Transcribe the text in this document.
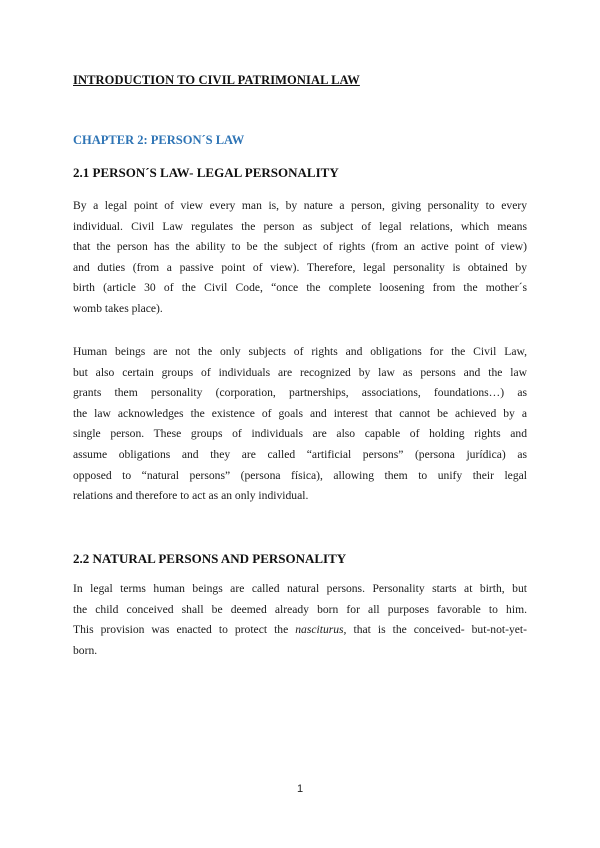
INTRODUCTION TO CIVIL PATRIMONIAL LAW
CHAPTER 2: PERSON´S LAW
2.1 PERSON´S LAW- LEGAL PERSONALITY
By a legal point of view every man is, by nature a person, giving personality to every
individual. Civil Law regulates the person as subject of legal relations, which means
that the person has the ability to be the subject of rights (from an active point of view)
and duties (from a passive point of view). Therefore, legal personality is obtained by
birth (article 30 of the Civil Code, “once the complete loosening from the mother´s
womb takes place).
Human beings are not the only subjects of rights and obligations for the Civil Law,
but also certain groups of individuals are recognized by law as persons and the law
grants them personality (corporation, partnerships, associations, foundations…) as
the law acknowledges the existence of goals and interest that cannot be achieved by a
single person. These groups of individuals are also capable of holding rights and
assume obligations and they are called “artificial persons” (persona jurídica) as
opposed to “natural persons” (persona física), allowing them to unify their legal
relations and therefore to act as an only individual.
2.2 NATURAL PERSONS AND PERSONALITY
In legal terms human beings are called natural persons. Personality starts at birth, but
the child conceived shall be deemed already born for all purposes favorable to him.
This provision was enacted to protect the nasciturus, that is the conceived- but-not-yet-
born.
1
